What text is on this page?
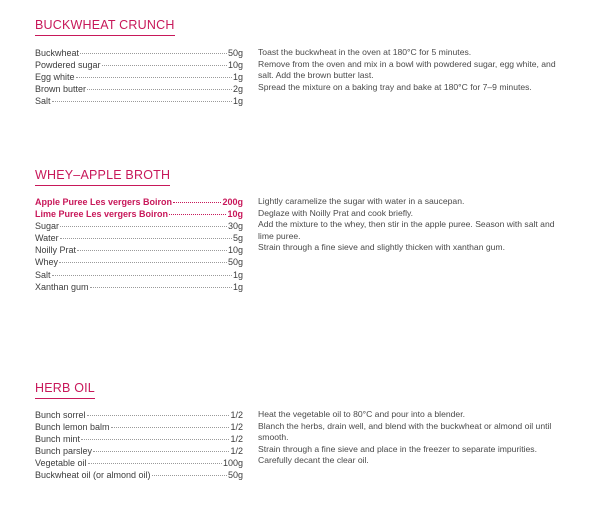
BUCKWHEAT CRUNCH
Buckwheat	50g
Powdered sugar	10g
Egg white	1g
Brown butter	2g
Salt	1g

Toast the buckwheat in the oven at 180°C for 5 minutes.

Remove from the oven and mix in a bowl with powdered sugar, egg white, and salt. Add the brown butter last.

Spread the mixture on a baking tray and bake at 180°C for 7–9 minutes.

WHEY–APPLE BROTH
Apple Puree Les vergers Boiron	200g
Lime Puree Les vergers Boiron	10g
Sugar	30g
Water	5g
Noilly Prat	10g
Whey	50g
Salt	1g
Xanthan gum	1g

Lightly caramelize the sugar with water in a saucepan.

Deglaze with Noilly Prat and cook briefly.

Add the mixture to the whey, then stir in the apple puree. Season with salt and lime puree.

Strain through a fine sieve and slightly thicken with xanthan gum.

HERB OIL
Bunch sorrel	1/2
Bunch lemon balm	1/2
Bunch mint	1/2
Bunch parsley	1/2
Vegetable oil	100g
Buckwheat oil (or almond oil)	50g

Heat the vegetable oil to 80°C and pour into a blender.

Blanch the herbs, drain well, and blend with the buckwheat or almond oil until smooth.

Strain through a fine sieve and place in the freezer to separate impurities. Carefully decant the clear oil.
